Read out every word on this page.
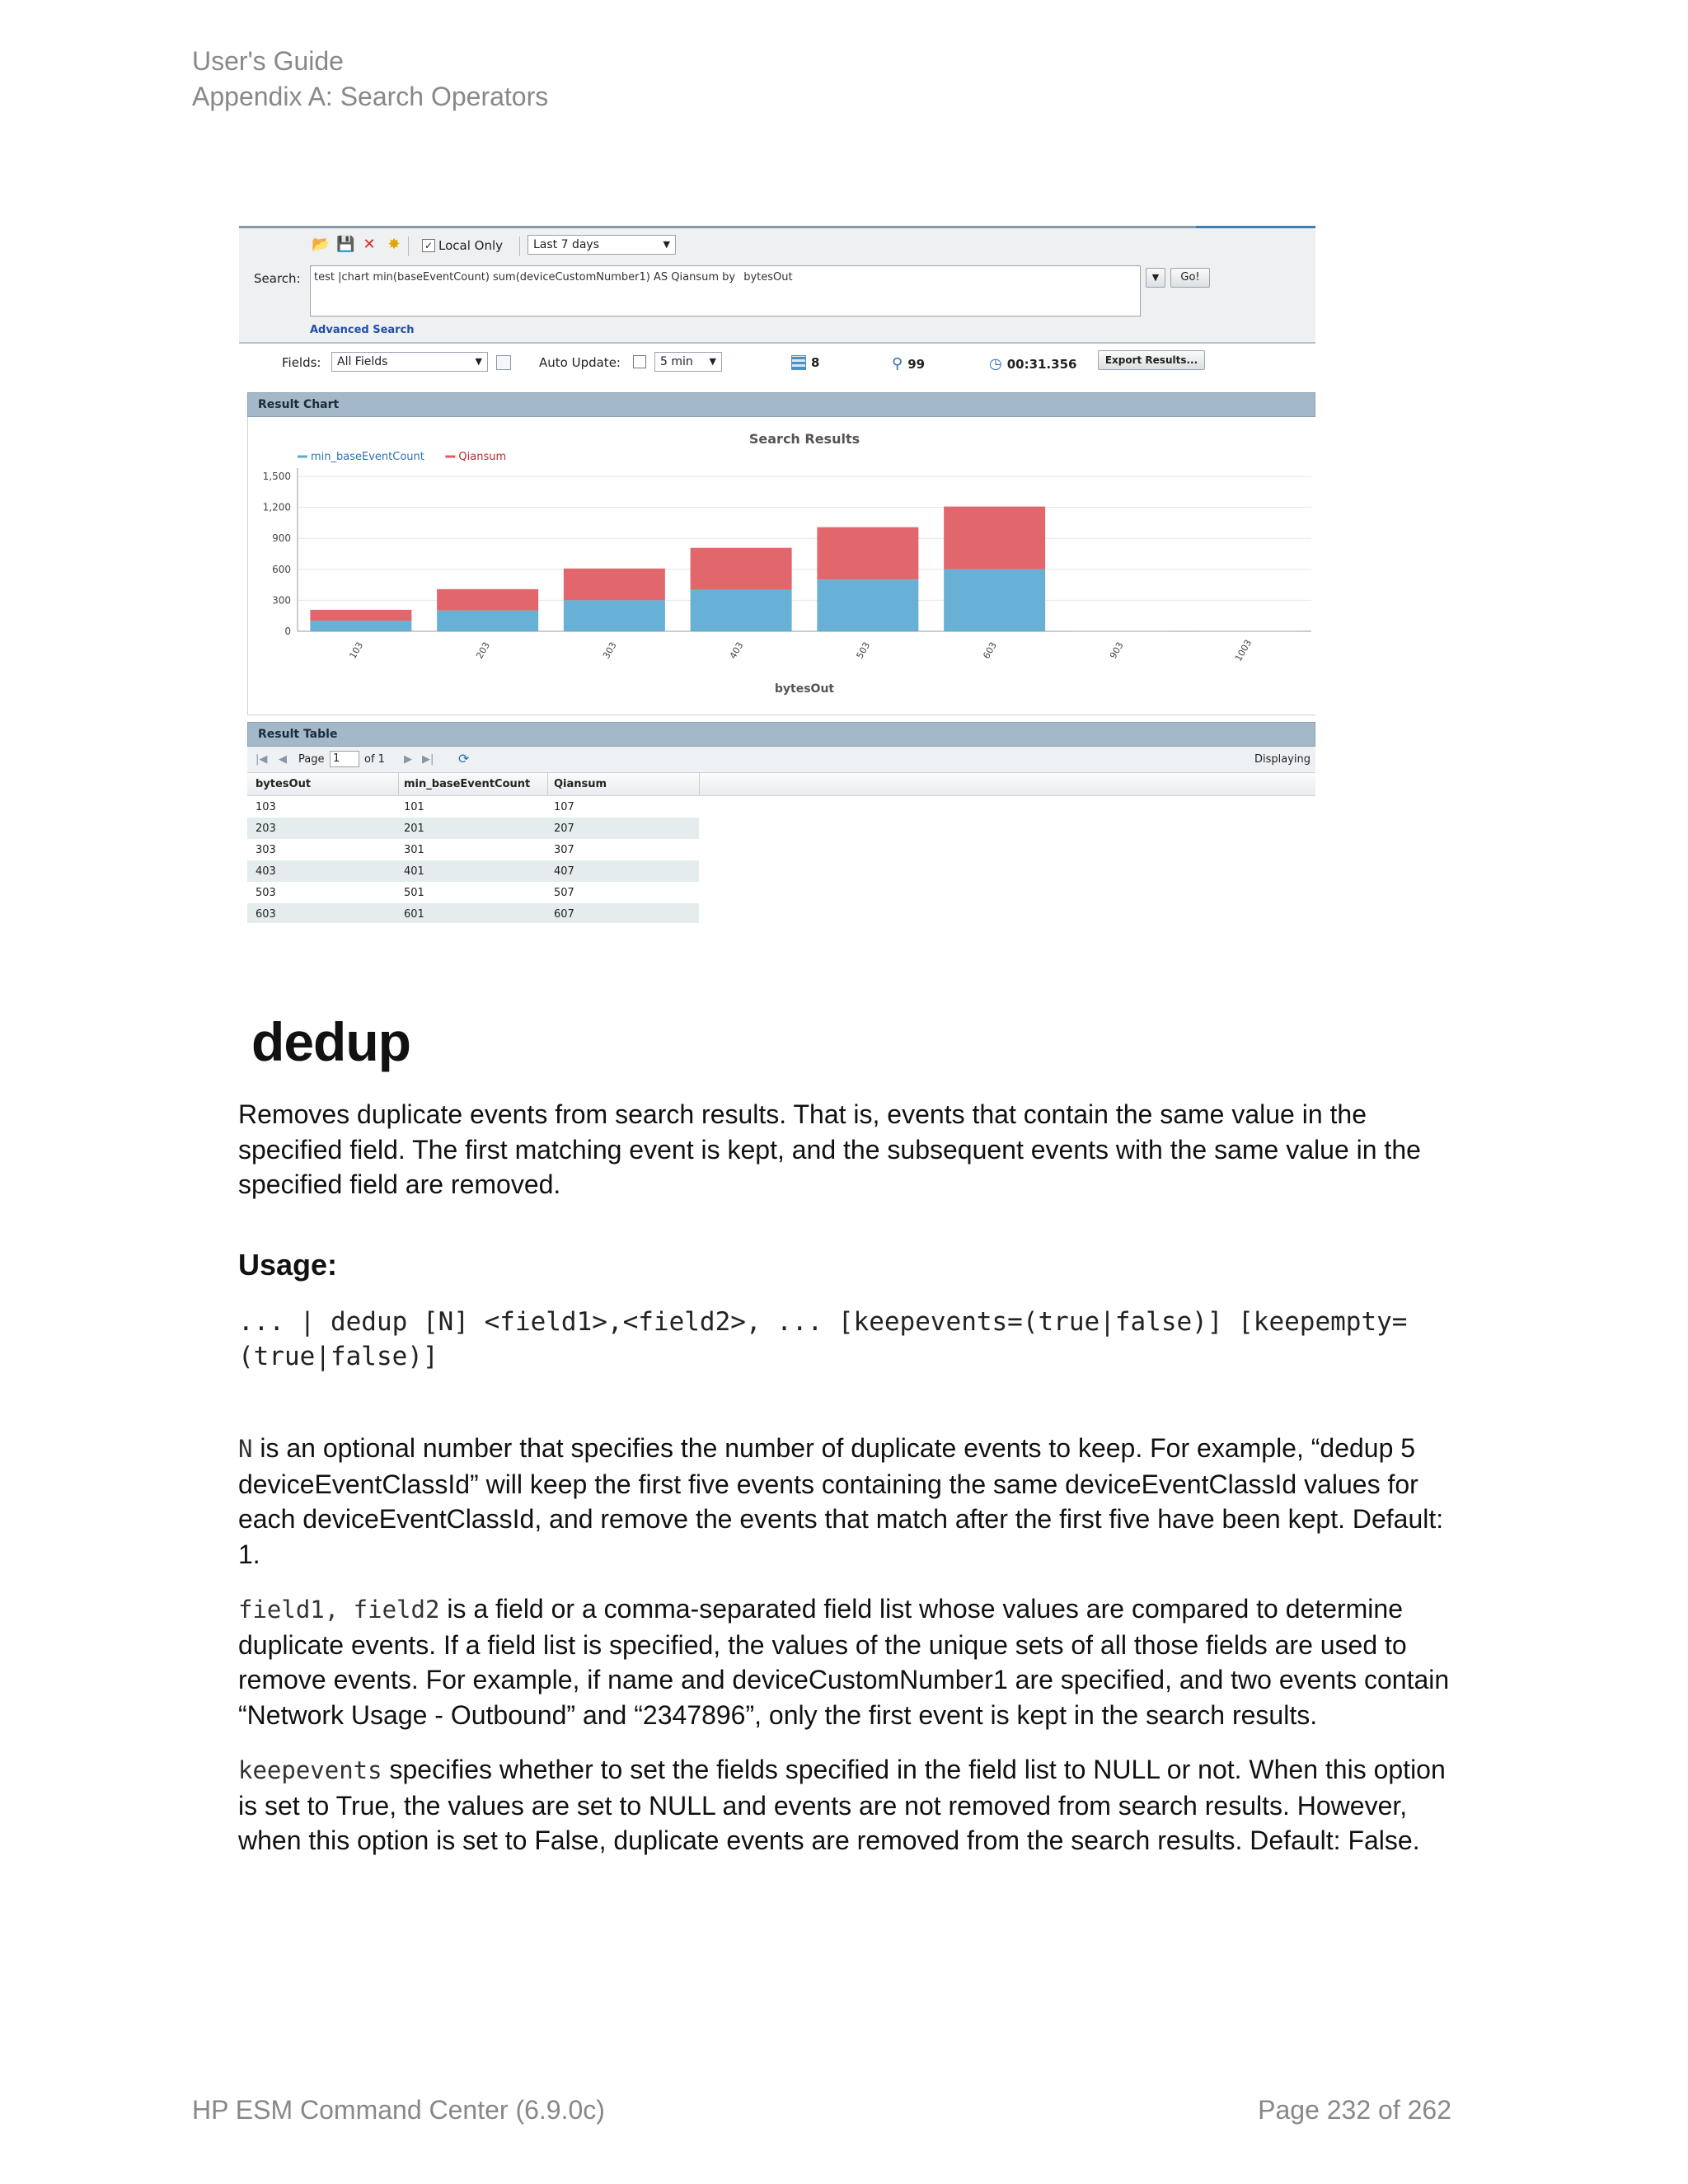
User's Guide
Appendix A: Search Operators
📂 💾 ✕ ✸ ✓ Local Only	Last 7 days	▼
Search:	test |chart min(baseEventCount) sum(deviceCustomNumber1) AS Qiansum by bytesOut	▼	Go!
Advanced Search
Fields:	All Fields	▼	Auto Update:	5 min ▼	8	⚲ 99	◷ 00:31.356	Export Results...
Result Chart
Search Results
0
300
600
900
1,200
1,500
min_baseEventCount	Qiansum
103	203	303	403	503	603	903	1003
bytesOut
Result Table
|◀ ◀ Page 1	of 1 ▶ ▶| ⟳	Displaying
bytesOut	min_baseEventCount Qiansum
103	101	107
203	201	207
303	301	307
403	401	407
503	501	507
603	601	607
dedup
Removes duplicate events from search results. That is, events that contain the same value in the specified field. The first matching event is kept, and the subsequent events with the same value in the specified field are removed.
Usage:
... | dedup [N] <field1>,<field2>, ... [keepevents=(true|false)] [keepempty=(true|false)]
N is an optional number that specifies the number of duplicate events to keep. For example, “dedup 5 deviceEventClassId” will keep the first five events containing the same deviceEventClassId values for each deviceEventClassId, and remove the events that match after the first five have been kept. Default: 1.
field1, field2 is a field or a comma-separated field list whose values are compared to determine duplicate events. If a field list is specified, the values of the unique sets of all those fields are used to remove events. For example, if name and deviceCustomNumber1 are specified, and two events contain “Network Usage - Outbound” and “2347896”, only the first event is kept in the search results.
keepevents specifies whether to set the fields specified in the field list to NULL or not. When this option is set to True, the values are set to NULL and events are not removed from search results. However, when this option is set to False, duplicate events are removed from the search results. Default: False.
HP ESM Command Center (6.9.0c)	Page 232 of 262
